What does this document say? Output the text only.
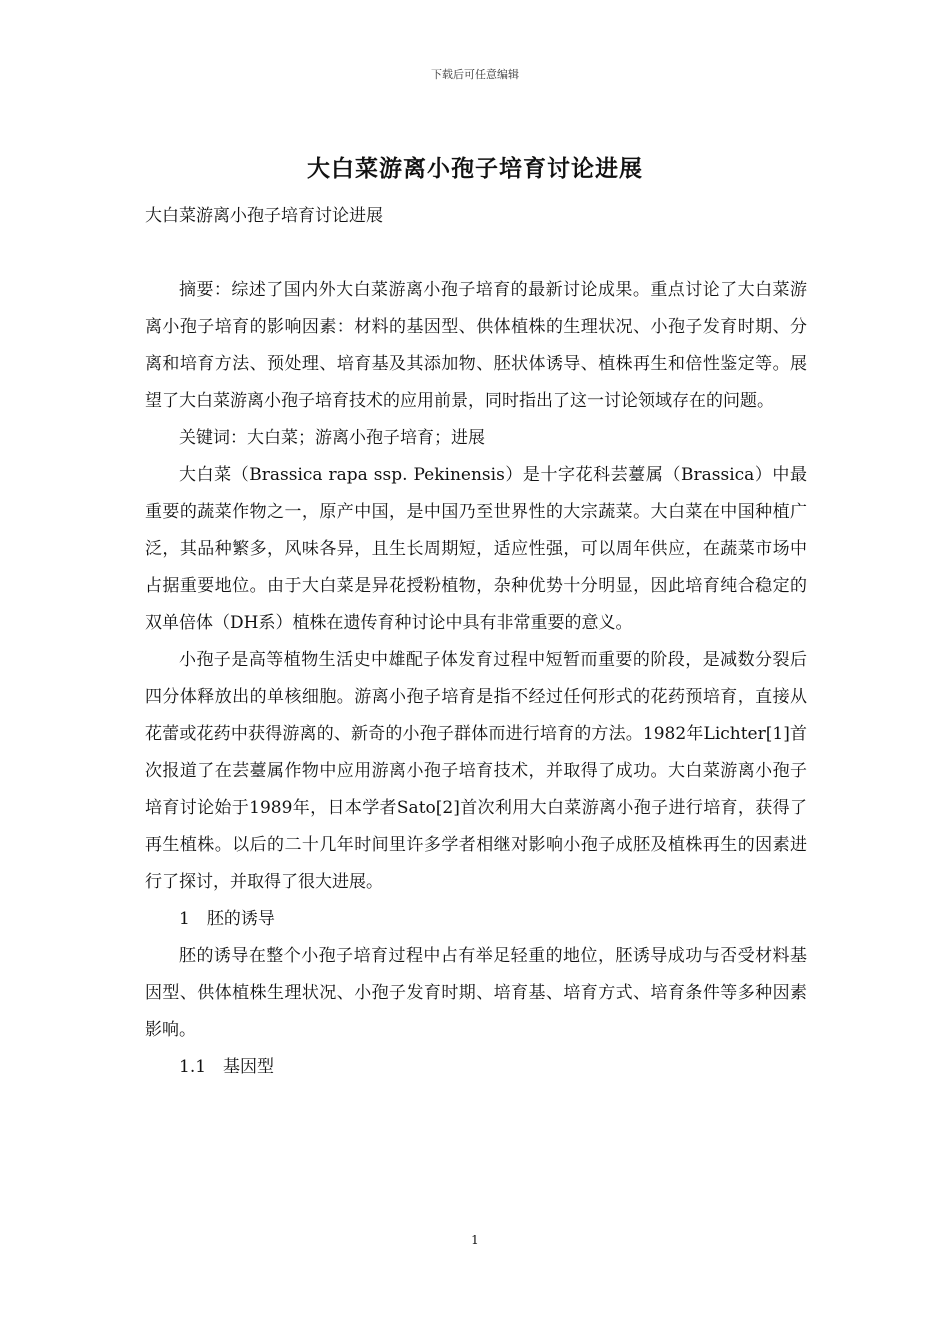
下载后可任意编辑
大白菜游离小孢子培育讨论进展

大白菜游离小孢子培育讨论进展

摘要：综述了国内外大白菜游离小孢子培育的最新讨论成果。重点讨论了大白菜游离小孢子培育的影响因素：材料的基因型、供体植株的生理状况、小孢子发育时期、分离和培育方法、预处理、培育基及其添加物、胚状体诱导、植株再生和倍性鉴定等。展望了大白菜游离小孢子培育技术的应用前景，同时指出了这一讨论领域存在的问题。

关键词：大白菜；游离小孢子培育；进展

大白菜（Brassica rapa ssp. Pekinensis）是十字花科芸薹属（Brassica）中最重要的蔬菜作物之一，原产中国，是中国乃至世界性的大宗蔬菜。大白菜在中国种植广泛，其品种繁多，风味各异，且生长周期短，适应性强，可以周年供应，在蔬菜市场中占据重要地位。由于大白菜是异花授粉植物，杂种优势十分明显，因此培育纯合稳定的双单倍体（DH系）植株在遗传育种讨论中具有非常重要的意义。

小孢子是高等植物生活史中雄配子体发育过程中短暂而重要的阶段，是减数分裂后四分体释放出的单核细胞。游离小孢子培育是指不经过任何形式的花药预培育，直接从花蕾或花药中获得游离的、新奇的小孢子群体而进行培育的方法。1982年Lichter[1]首次报道了在芸薹属作物中应用游离小孢子培育技术，并取得了成功。大白菜游离小孢子培育讨论始于1989年，日本学者Sato[2]首次利用大白菜游离小孢子进行培育，获得了再生植株。以后的二十几年时间里许多学者相继对影响小孢子成胚及植株再生的因素进行了探讨，并取得了很大进展。

1　胚的诱导

胚的诱导在整个小孢子培育过程中占有举足轻重的地位，胚诱导成功与否受材料基因型、供体植株生理状况、小孢子发育时期、培育基、培育方式、培育条件等多种因素影响。

1.1　基因型

1
